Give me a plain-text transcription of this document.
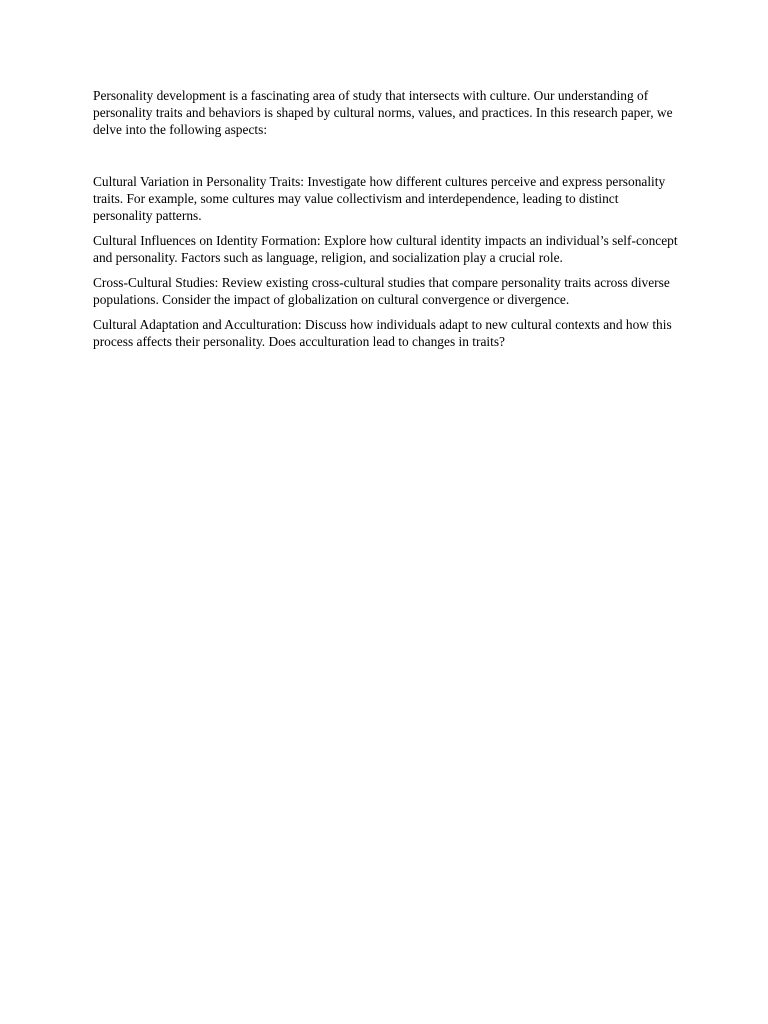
Personality development is a fascinating area of study that intersects with culture. Our understanding of personality traits and behaviors is shaped by cultural norms, values, and practices. In this research paper, we delve into the following aspects:

Cultural Variation in Personality Traits: Investigate how different cultures perceive and express personality traits. For example, some cultures may value collectivism and interdependence, leading to distinct personality patterns.

Cultural Influences on Identity Formation: Explore how cultural identity impacts an individual’s self-concept and personality. Factors such as language, religion, and socialization play a crucial role.

Cross-Cultural Studies: Review existing cross-cultural studies that compare personality traits across diverse populations. Consider the impact of globalization on cultural convergence or divergence.

Cultural Adaptation and Acculturation: Discuss how individuals adapt to new cultural contexts and how this process affects their personality. Does acculturation lead to changes in traits?
